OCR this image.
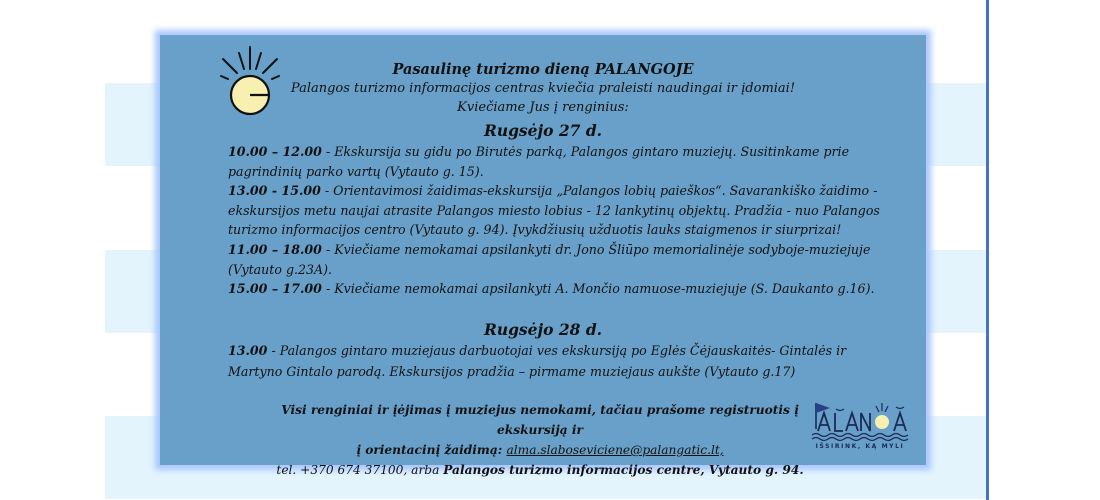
Pasaulinę turizmo dieną PALANGOJE
Palangos turizmo informacijos centras kviečia praleisti naudingai ir įdomiai!
Kviečiame Jus į renginius:
Rugsėjo 27 d.
10.00 – 12.00 - Ekskursija su gidu po Birutės parką, Palangos gintaro muziejų. Susitinkame prie pagrindinių parko vartų (Vytauto g. 15).
13.00 - 15.00 - Orientavimosi žaidimas-ekskursija „Palangos lobių paieškos“. Savarankiško žaidimo - ekskursijos metu naujai atrasite Palangos miesto lobius - 12 lankytinų objektų. Pradžia - nuo Palangos turizmo informacijos centro (Vytauto g. 94). Įvykdžiusių užduotis lauks staigmenos ir siurprizai!
11.00 – 18.00 - Kviečiame nemokamai apsilankyti dr. Jono Šliūpo memorialinėje sodyboje-muziejuje (Vytauto g.23A).
15.00 – 17.00 - Kviečiame nemokamai apsilankyti A. Mončio namuose-muziejuje (S. Daukanto g.16).
Rugsėjo 28 d.
13.00 - Palangos gintaro muziejaus darbuotojai ves ekskursiją po Eglės Čėjauskaitės- Gintalės ir Martyno Gintalo parodą. Ekskursijos pradžia – pirmame muziejaus aukšte (Vytauto g.17)
Visi renginiai ir įėjimas į muziejus nemokami, tačiau prašome registruotis į ekskursiją ir
į orientacinį žaidimą: alma.slaboseviciene@palangatic.lt,
tel. +370 674 37100, arba Palangos turizmo informacijos centre, Vytauto g. 94.
IŠSIRINK, KĄ MYLI
